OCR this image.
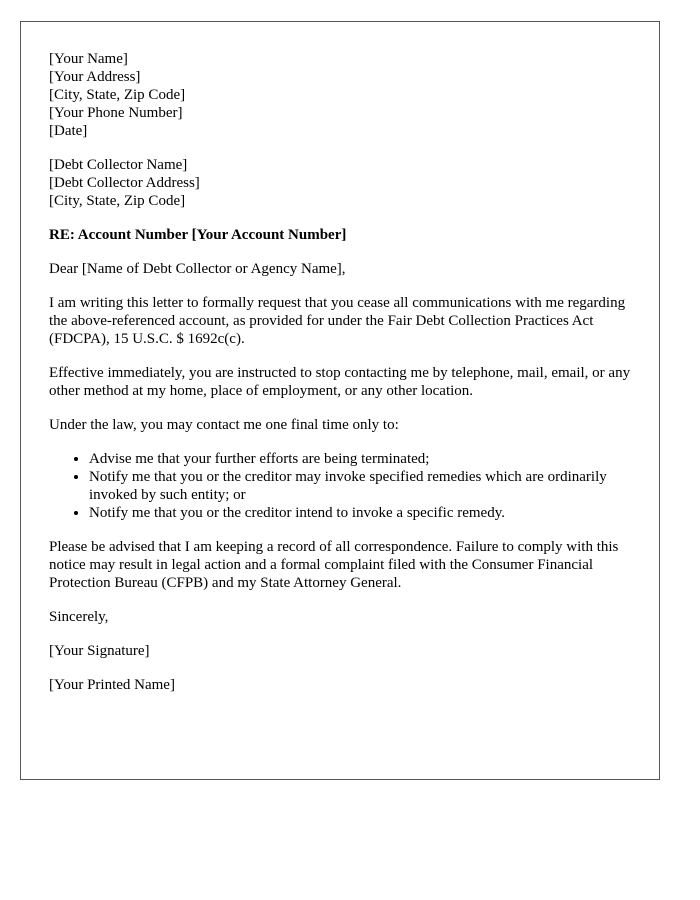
[Your Name]
[Your Address]
[City, State, Zip Code]
[Your Phone Number]
[Date]
[Debt Collector Name]
[Debt Collector Address]
[City, State, Zip Code]
RE: Account Number [Your Account Number]

Dear [Name of Debt Collector or Agency Name],

I am writing this letter to formally request that you cease all communications with me regarding the above-referenced account, as provided for under the Fair Debt Collection Practices Act (FDCPA), 15 U.S.C. $ 1692c(c).

Effective immediately, you are instructed to stop contacting me by telephone, mail, email, or any other method at my home, place of employment, or any other location.

Under the law, you may contact me one final time only to:

• Advise me that your further efforts are being terminated;
• Notify me that you or the creditor may invoke specified remedies which are ordinarily invoked by such entity; or
• Notify me that you or the creditor intend to invoke a specific remedy.

Please be advised that I am keeping a record of all correspondence. Failure to comply with this notice may result in legal action and a formal complaint filed with the Consumer Financial Protection Bureau (CFPB) and my State Attorney General.

Sincerely,

[Your Signature]

[Your Printed Name]
